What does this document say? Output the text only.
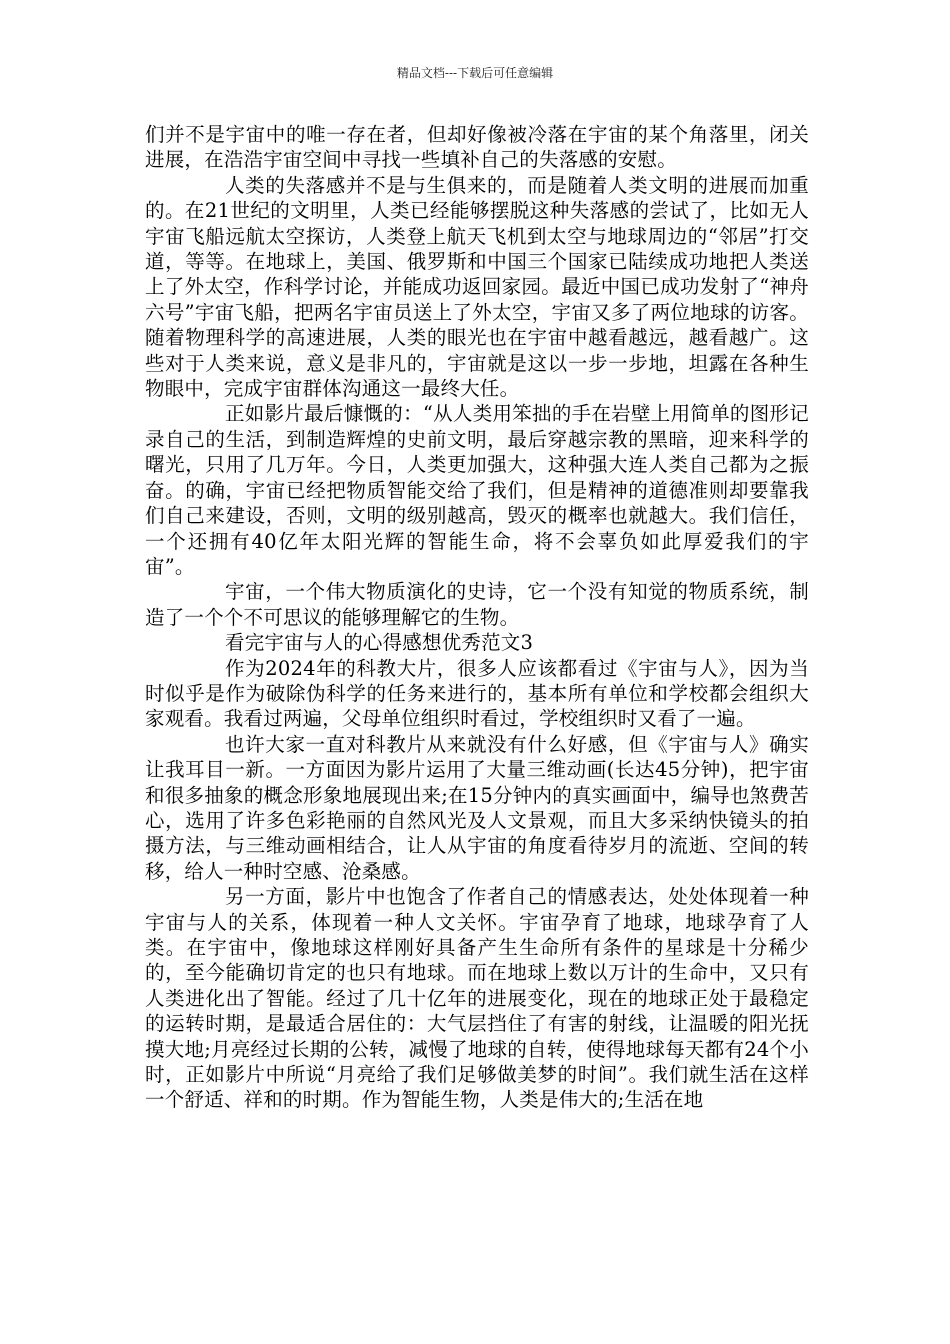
精品文档---下载后可任意编辑

们并不是宇宙中的唯一存在者，但却好像被冷落在宇宙的某个角落里，闭关进展，在浩浩宇宙空间中寻找一些填补自己的失落感的安慰。

人类的失落感并不是与生俱来的，而是随着人类文明的进展而加重的。在21世纪的文明里，人类已经能够摆脱这种失落感的尝试了，比如无人宇宙飞船远航太空探访，人类登上航天飞机到太空与地球周边的“邻居”打交道，等等。在地球上，美国、俄罗斯和中国三个国家已陆续成功地把人类送上了外太空，作科学讨论，并能成功返回家园。最近中国已成功发射了“神舟六号”宇宙飞船，把两名宇宙员送上了外太空，宇宙又多了两位地球的访客。随着物理科学的高速进展，人类的眼光也在宇宙中越看越远，越看越广。这些对于人类来说，意义是非凡的，宇宙就是这以一步一步地，坦露在各种生物眼中，完成宇宙群体沟通这一最终大任。

正如影片最后慷慨的：“从人类用笨拙的手在岩壁上用简单的图形记录自己的生活，到制造辉煌的史前文明，最后穿越宗教的黑暗，迎来科学的曙光，只用了几万年。今日，人类更加强大，这种强大连人类自己都为之振奋。的确，宇宙已经把物质智能交给了我们，但是精神的道德准则却要靠我们自己来建设，否则，文明的级别越高，毁灭的概率也就越大。我们信任，一个还拥有40亿年太阳光辉的智能生命，将不会辜负如此厚爱我们的宇宙”。

宇宙，一个伟大物质演化的史诗，它一个没有知觉的物质系统，制造了一个个不可思议的能够理解它的生物。

看完宇宙与人的心得感想优秀范文3

作为2024年的科教大片，很多人应该都看过《宇宙与人》，因为当时似乎是作为破除伪科学的任务来进行的，基本所有单位和学校都会组织大家观看。我看过两遍，父母单位组织时看过，学校组织时又看了一遍。

也许大家一直对科教片从来就没有什么好感，但《宇宙与人》确实让我耳目一新。一方面因为影片运用了大量三维动画(长达45分钟)，把宇宙和很多抽象的概念形象地展现出来;在15分钟内的真实画面中，编导也煞费苦心，选用了许多色彩艳丽的自然风光及人文景观，而且大多采纳快镜头的拍摄方法，与三维动画相结合，让人从宇宙的角度看待岁月的流逝、空间的转移，给人一种时空感、沧桑感。

另一方面，影片中也饱含了作者自己的情感表达，处处体现着一种宇宙与人的关系，体现着一种人文关怀。宇宙孕育了地球，地球孕育了人类。在宇宙中，像地球这样刚好具备产生生命所有条件的星球是十分稀少的，至今能确切肯定的也只有地球。而在地球上数以万计的生命中，又只有人类进化出了智能。经过了几十亿年的进展变化，现在的地球正处于最稳定的运转时期，是最适合居住的：大气层挡住了有害的射线，让温暖的阳光抚摸大地;月亮经过长期的公转，减慢了地球的自转，使得地球每天都有24个小时，正如影片中所说“月亮给了我们足够做美梦的时间”。我们就生活在这样一个舒适、祥和的时期。作为智能生物，人类是伟大的;生活在地
